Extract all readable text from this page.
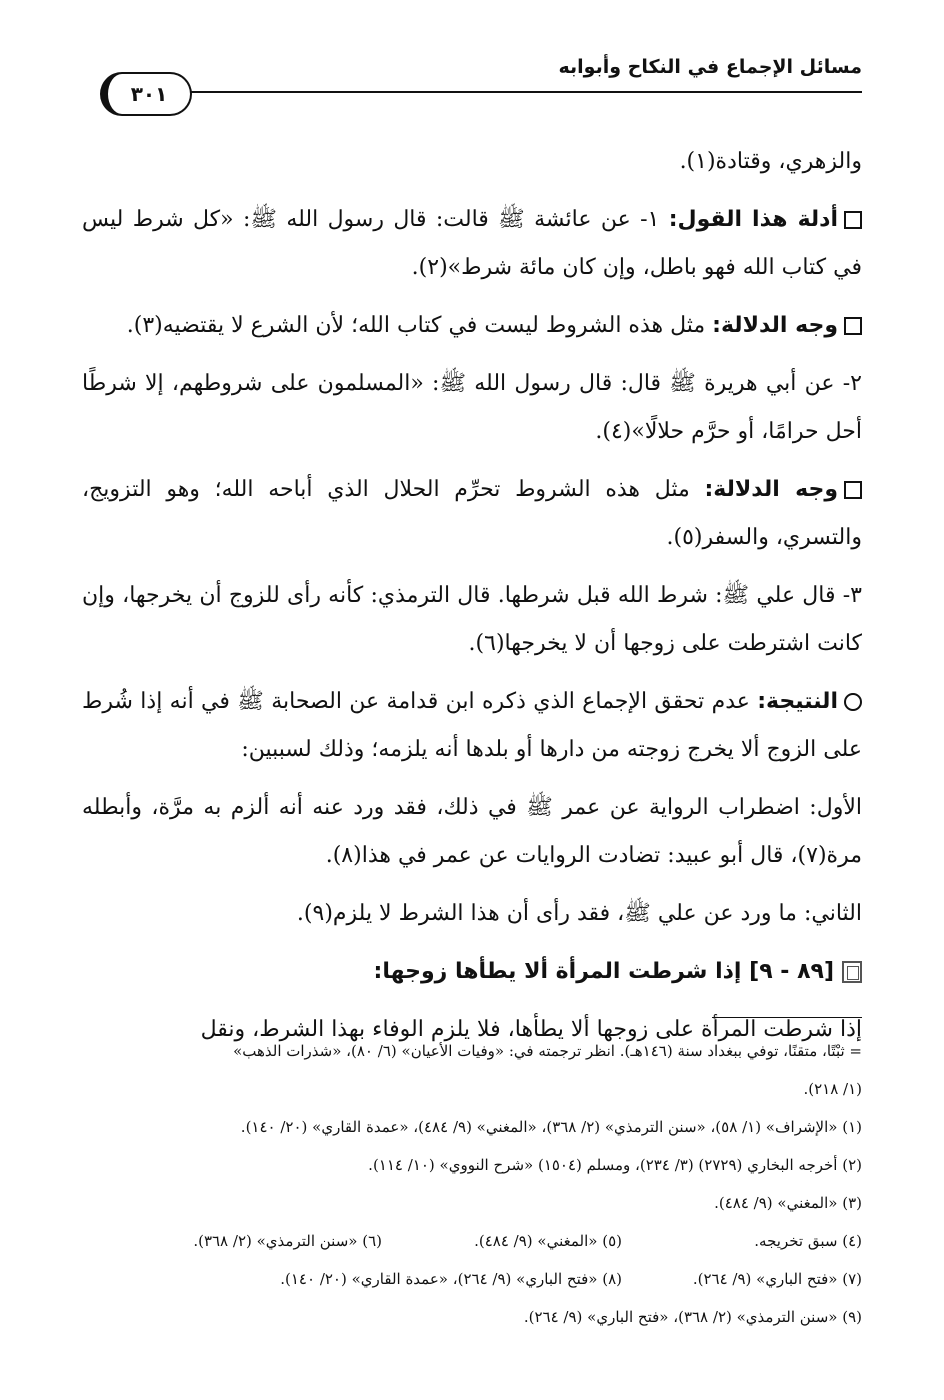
مسائل الإجماع في النكاح وأبوابه
٣٠١

والزهري، وقتادة(١).

أدلة هذا القول: ١- عن عائشة ﷺ قالت: قال رسول الله ﷺ: «كل شرط ليس في كتاب الله فهو باطل، وإن كان مائة شرط»(٢).

وجه الدلالة: مثل هذه الشروط ليست في كتاب الله؛ لأن الشرع لا يقتضيه(٣).

٢- عن أبي هريرة ﷺ قال: قال رسول الله ﷺ: «المسلمون على شروطهم، إلا شرطًا أحل حرامًا، أو حرَّم حلالًا»(٤).

وجه الدلالة: مثل هذه الشروط تحرِّم الحلال الذي أباحه الله؛ وهو التزويج، والتسري، والسفر(٥).

٣- قال علي ﷺ: شرط الله قبل شرطها. قال الترمذي: كأنه رأى للزوج أن يخرجها، وإن كانت اشترطت على زوجها أن لا يخرجها(٦).

النتيجة: عدم تحقق الإجماع الذي ذكره ابن قدامة عن الصحابة ﷺ في أنه إذا شُرط على الزوج ألا يخرج زوجته من دارها أو بلدها أنه يلزمه؛ وذلك لسببين:

الأول: اضطراب الرواية عن عمر ﷺ في ذلك، فقد ورد عنه أنه ألزم به مرَّة، وأبطله مرة(٧)، قال أبو عبيد: تضادت الروايات عن عمر في هذا(٨).

الثاني: ما ورد عن علي ﷺ، فقد رأى أن هذا الشرط لا يلزم(٩).

[٨٩ - ٩] إذا شرطت المرأة ألا يطأها زوجها:

إذا شرطت المرأة على زوجها ألا يطأها، فلا يلزم الوفاء بهذا الشرط، ونقل

= ثبْتًا، متقنًا، توفي ببغداد سنة (١٤٦هـ). انظر ترجمته في: «وفيات الأعيان» (٦/ ٨٠)، «شذرات الذهب»

(١/ ٢١٨).

(١) «الإشراف» (١/ ٥٨)، «سنن الترمذي» (٢/ ٣٦٨)، «المغني» (٩/ ٤٨٤)، «عمدة القاري» (٢٠/ ١٤٠).

(٢) أخرجه البخاري (٢٧٢٩) (٣/ ٢٣٤)، ومسلم (١٥٠٤) «شرح النووي» (١٠/ ١١٤).

(٣) «المغني» (٩/ ٤٨٤).

(٤) سبق تخريجه.
(٥) «المغني» (٩/ ٤٨٤).
(٦) «سنن الترمذي» (٢/ ٣٦٨).
(٧) «فتح الباري» (٩/ ٢٦٤).
(٨) «فتح الباري» (٩/ ٢٦٤)، «عمدة القاري» (٢٠/ ١٤٠).

(٩) «سنن الترمذي» (٢/ ٣٦٨)، «فتح الباري» (٩/ ٢٦٤).
